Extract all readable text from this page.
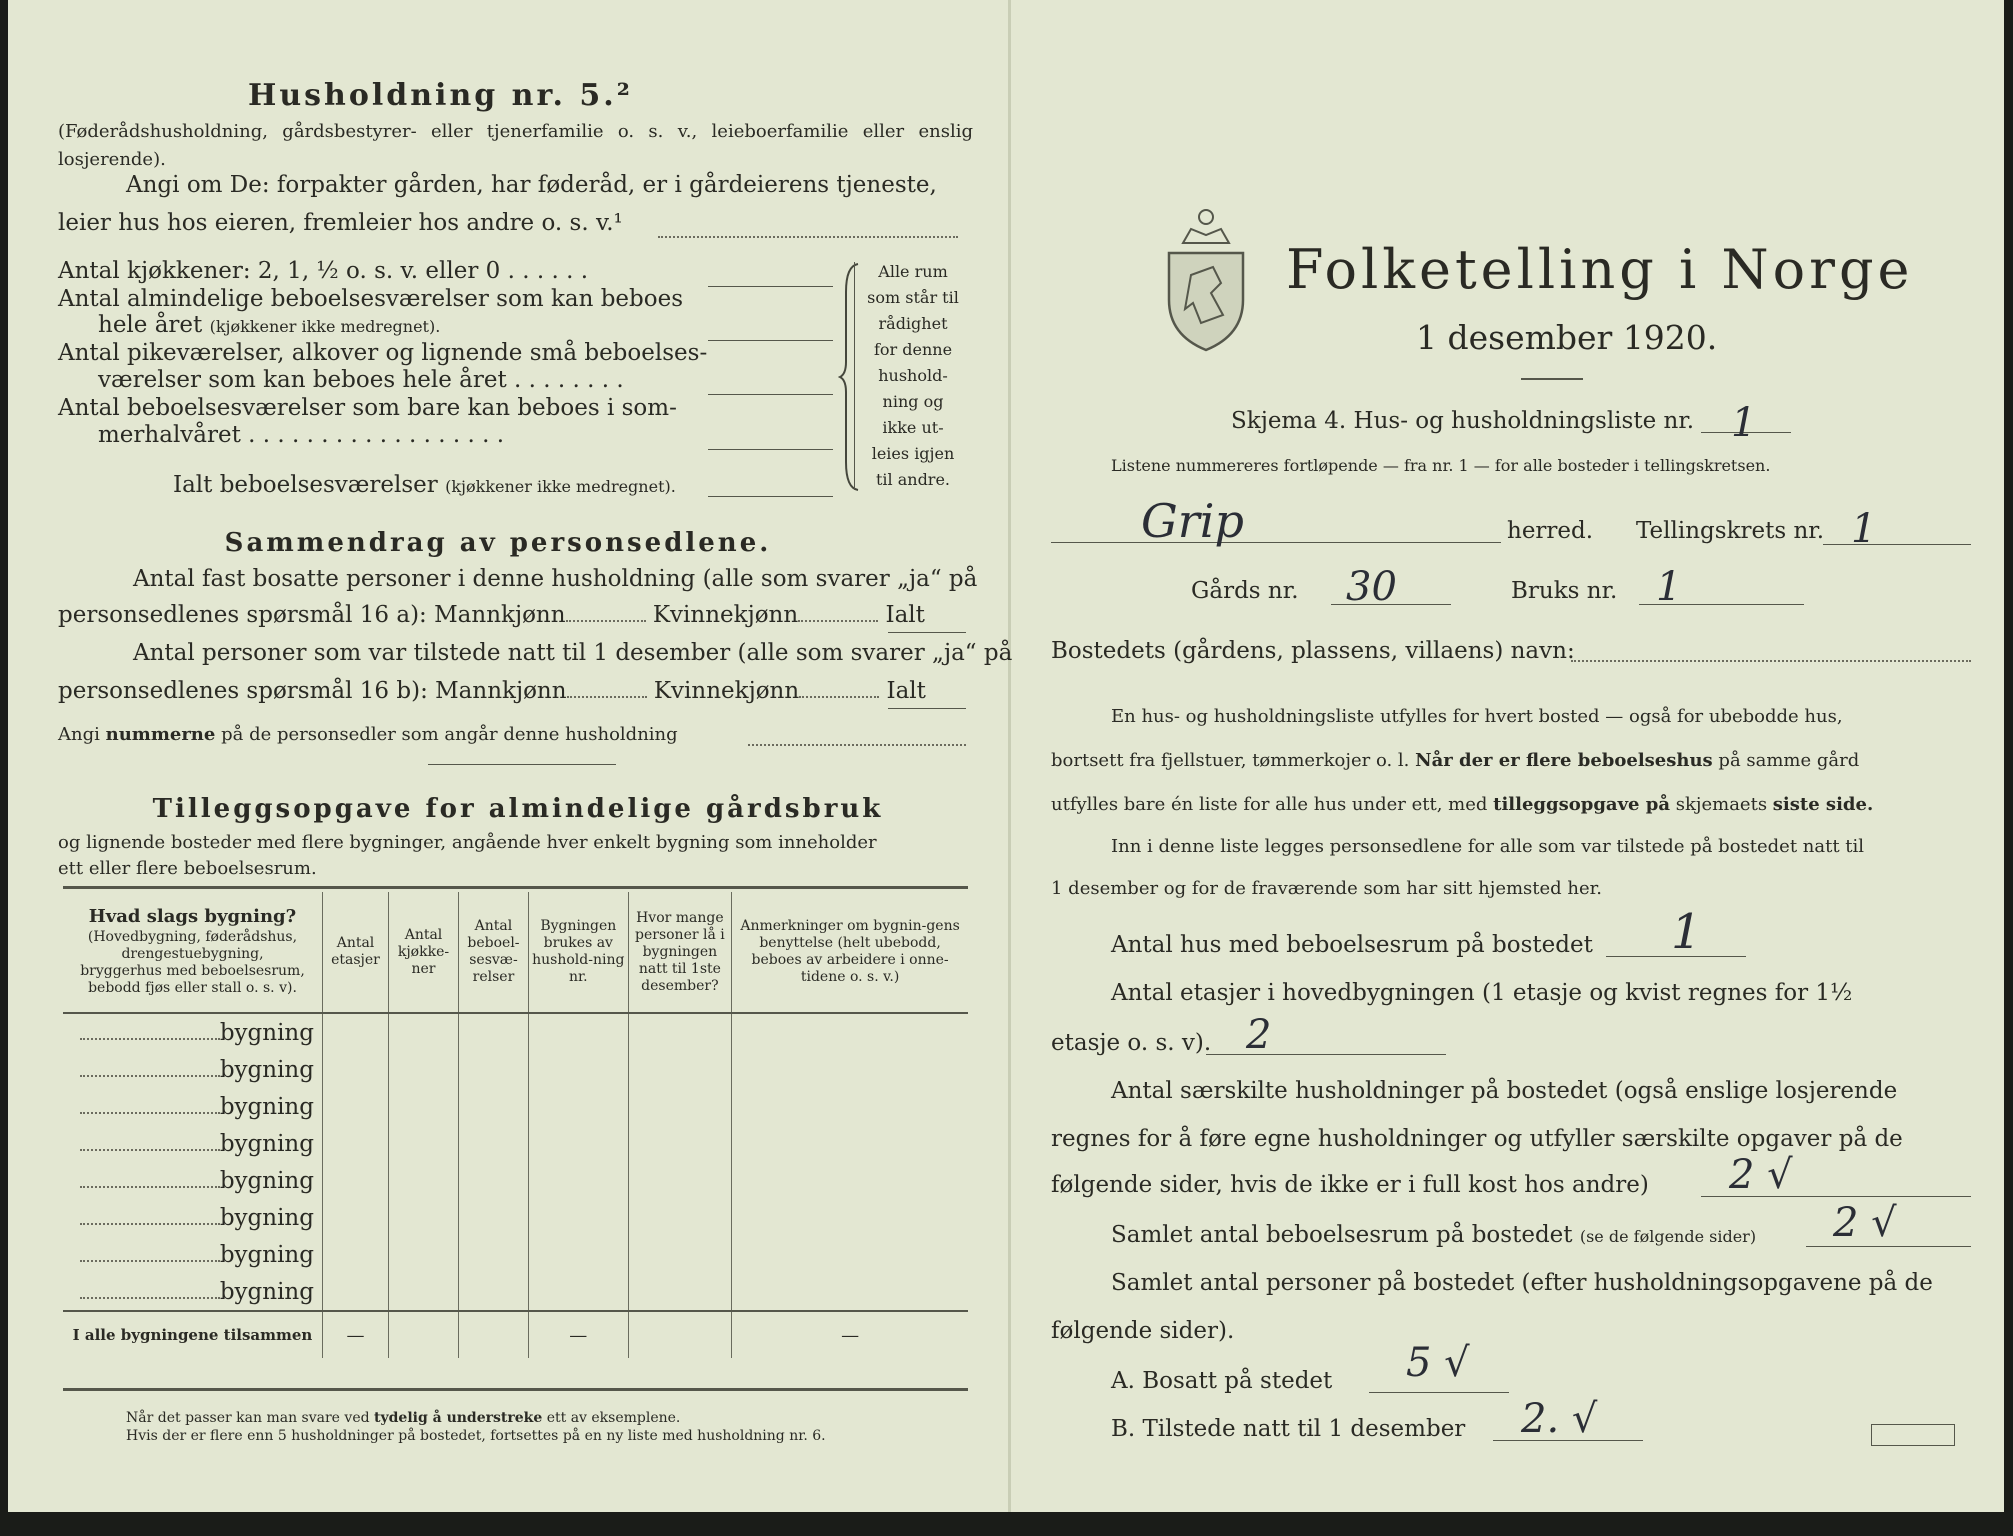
Husholdning nr. 5.²
(Føderådshusholdning, gårdsbestyrer- eller tjenerfamilie o. s. v., leieboerfamilie eller enslig losjerende).
Angi om De: forpakter gården, har føderåd, er i gårdeierens tjeneste,
leier hus hos eieren, fremleier hos andre o. s. v.¹
Antal kjøkkener: 2, 1, ½ o. s. v. eller 0 . . . . . .
Antal almindelige beboelsesværelser som kan beboes
hele året (kjøkkener ikke medregnet).
Antal pikeværelser, alkover og lignende små beboelses-
værelser som kan beboes hele året . . . . . . . .
Antal beboelsesværelser som bare kan beboes i som-
merhalvåret . . . . . . . . . . . . . . . . . .
Ialt beboelsesværelser (kjøkkener ikke medregnet).
Alle rum
som står til
rådighet
for denne
hushold-
ning og
ikke ut-
leies igjen
til andre.
Sammendrag av personsedlene.
Antal fast bosatte personer i denne husholdning (alle som svarer „ja“ på
personsedlenes spørsmål 16 a): Mannkjønn	Kvinnekjønn	Ialt
Antal personer som var tilstede natt til 1 desember (alle som svarer „ja“ på
personsedlenes spørsmål 16 b): Mannkjønn	Kvinnekjønn	Ialt
Angi nummerne på de personsedler som angår denne husholdning
Tilleggsopgave for almindelige gårdsbruk
og lignende bosteder med flere bygninger, angående hver enkelt bygning som inneholder
ett eller flere beboelsesrum.
Hvad slags bygning?
(Hovedbygning, føderådshus, drengestuebygning, bryggerhus med beboelsesrum, bebodd fjøs eller stall o. s. v).	Antal etasjer	Antal kjøkke-ner	Antal beboel-sesvæ-relser	Bygningen brukes av hushold-ning nr.	Hvor mange personer lå i bygningen natt til 1ste desember?	Anmerkninger om bygnin-gens benyttelse (helt ubebodd, beboes av arbeidere i onne-tidene o. s. v.)
bygning						
bygning						
bygning						
bygning						
bygning						
bygning						
bygning						
bygning						
I alle bygningene tilsammen	—			—		—
Når det passer kan man svare ved tydelig å understreke ett av eksemplene.
Hvis der er flere enn 5 husholdninger på bostedet, fortsettes på en ny liste med husholdning nr. 6.
Folketelling i Norge
1 desember 1920.
Skjema 4. Hus- og husholdningsliste nr. 1
Listene nummereres fortløpende — fra nr. 1 — for alle bosteder i tellingskretsen.
Grip	herred. Tellingskrets nr. 1
Gårds nr. 30	Bruks nr. 1
Bostedets (gårdens, plassens, villaens) navn:
En hus- og husholdningsliste utfylles for hvert bosted — også for ubebodde hus,
bortsett fra fjellstuer, tømmerkojer o. l. Når der er flere beboelseshus på samme gård
utfylles bare én liste for alle hus under ett, med tilleggsopgave på skjemaets siste side.
Inn i denne liste legges personsedlene for alle som var tilstede på bostedet natt til
1 desember og for de fraværende som har sitt hjemsted her.
Antal hus med beboelsesrum på bostedet 1
Antal etasjer i hovedbygningen (1 etasje og kvist regnes for 1½
etasje o. s. v). 2
Antal særskilte husholdninger på bostedet (også enslige losjerende
regnes for å føre egne husholdninger og utfyller særskilte opgaver på de
følgende sider, hvis de ikke er i full kost hos andre) 2 √
Samlet antal beboelsesrum på bostedet (se de følgende sider) 2 √
Samlet antal personer på bostedet (efter husholdningsopgavene på de
følgende sider).
A. Bosatt på stedet 5 √
B. Tilstede natt til 1 desember 2. √
